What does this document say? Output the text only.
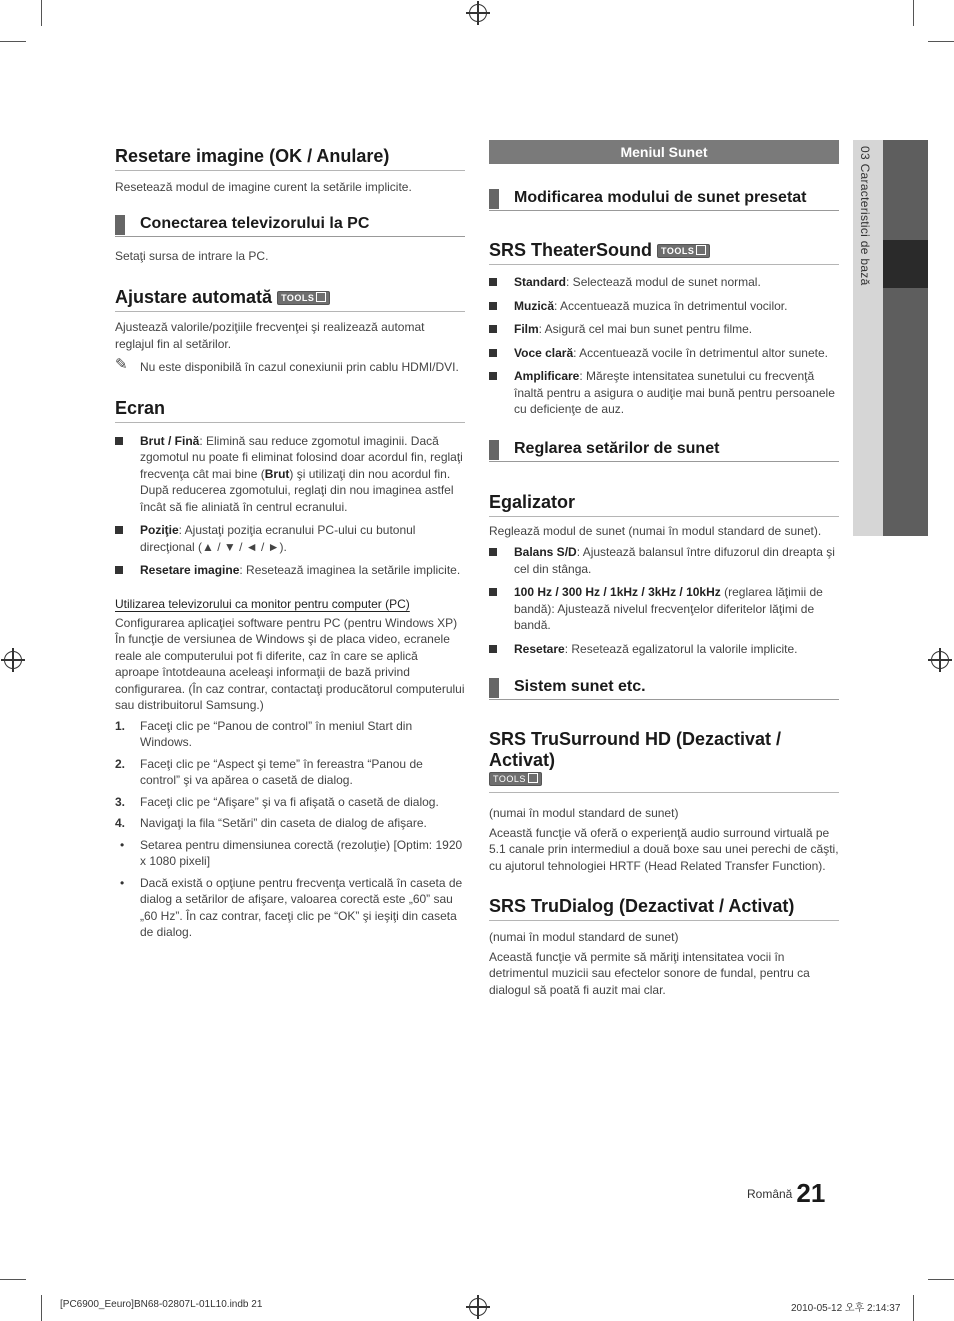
Resetare imagine (OK / Anulare)

Resetează modul de imagine curent la setările implicite.

Conectarea televizorului la PC

Setaţi sursa de intrare la PC.

Ajustare automată TOOLS

Ajustează valorile/poziţiile frecvenţei şi realizează automat reglajul fin al setărilor.

✎ Nu este disponibilă în cazul conexiunii prin cablu HDMI/DVI.
Ecran
Brut / Fină: Elimină sau reduce zgomotul imaginii. Dacă zgomotul nu poate fi eliminat folosind doar acordul fin, reglaţi frecvenţa cât mai bine (Brut) şi utilizaţi din nou acordul fin. După reducerea zgomotului, reglaţi din nou imaginea astfel încât să fie aliniată în centrul ecranului.
Poziţie: Ajustaţi poziţia ecranului PC-ului cu butonul direcţional (▲ / ▼ / ◄ / ►).
Resetare imagine: Resetează imaginea la setările implicite.

Utilizarea televizorului ca monitor pentru computer (PC)

Configurarea aplicaţiei software pentru PC (pentru Windows XP) În funcţie de versiunea de Windows şi de placa video, ecranele reale ale computerului pot fi diferite, caz în care se aplică aproape întotdeauna aceleaşi informaţii de bază privind configurarea. (În caz contrar, contactaţi producătorul computerului sau distribuitorul Samsung.)

1. Faceţi clic pe “Panou de control” în meniul Start din Windows.
2. Faceţi clic pe “Aspect şi teme” în fereastra “Panou de control” şi va apărea o casetă de dialog.
3. Faceţi clic pe “Afişare” şi va fi afişată o casetă de dialog.
4. Navigaţi la fila “Setări” din caseta de dialog de afişare.
• Setarea pentru dimensiunea corectă (rezoluţie) [Optim: 1920 x 1080 pixeli]
• Dacă există o opţiune pentru frecvenţa verticală în caseta de dialog a setărilor de afişare, valoarea corectă este „60” sau „60 Hz”. În caz contrar, faceţi clic pe “OK” şi ieşiţi din caseta de dialog.
Meniul Sunet
Modificarea modului de sunet presetat
SRS TheaterSound TOOLS
Standard: Selectează modul de sunet normal.
Muzică: Accentuează muzica în detrimentul vocilor.
Film: Asigură cel mai bun sunet pentru filme.
Voce clară: Accentuează vocile în detrimentul altor sunete.
Amplificare: Măreşte intensitatea sunetului cu frecvenţă înaltă pentru a asigura o audiţie mai bună pentru persoanele cu deficienţe de auz.
Reglarea setărilor de sunet
Egalizator

Reglează modul de sunet (numai în modul standard de sunet).

Balans S/D: Ajustează balansul între difuzorul din dreapta şi cel din stânga.
100 Hz / 300 Hz / 1kHz / 3kHz / 10kHz (reglarea lăţimii de bandă): Ajustează nivelul frecvenţelor diferitelor lăţimi de bandă.
Resetare: Resetează egalizatorul la valorile implicite.
Sistem sunet etc.
SRS TruSurround HD (Dezactivat / Activat)
TOOLS

(numai în modul standard de sunet)

Această funcţie vă oferă o experienţă audio surround virtuală pe 5.1 canale prin intermediul a două boxe sau unei perechi de căşti, cu ajutorul tehnologiei HRTF (Head Related Transfer Function).

SRS TruDialog (Dezactivat / Activat)

(numai în modul standard de sunet)

Această funcţie vă permite să măriţi intensitatea vocii în detrimentul muzicii sau efectelor sonore de fundal, pentru ca dialogul să poată fi auzit mai clar.

03 Caracteristici de bază
$^{Română}$ 21
[PC6900_Eeuro]BN68-02807L-01L10.indb 21	2010-05-12 오후 2:14:37
